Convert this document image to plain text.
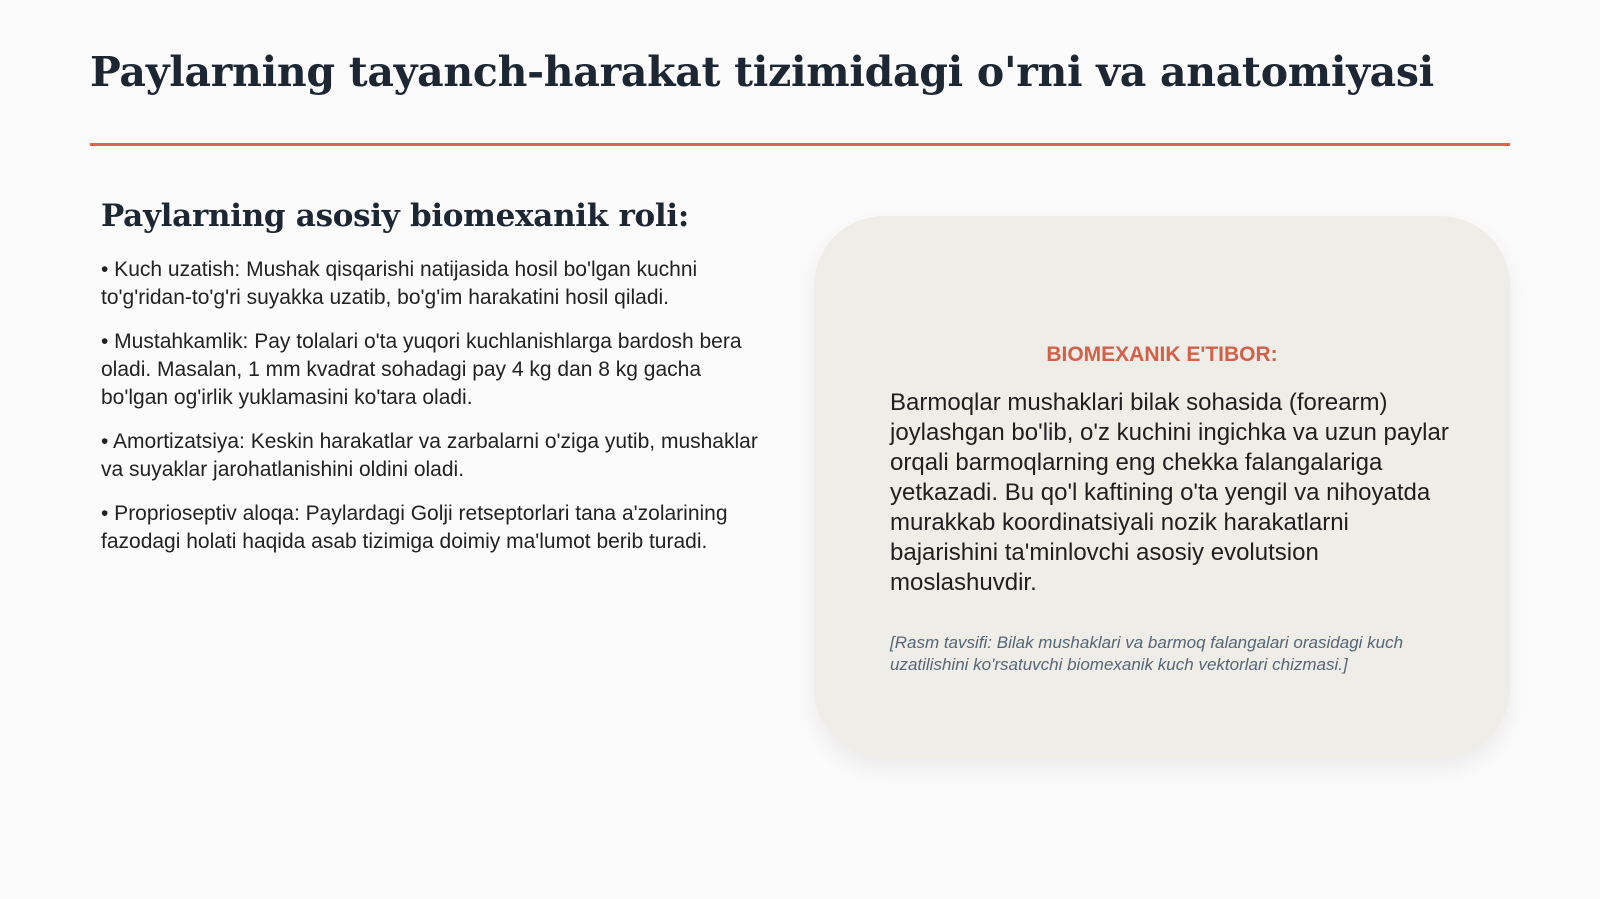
Paylarning tayanch-harakat tizimidagi o'rni va anatomiyasi
Paylarning asosiy biomexanik roli:

• Kuch uzatish: Mushak qisqarishi natijasida hosil bo'lgan kuchni to'g'ridan-to'g'ri suyakka uzatib, bo'g'im harakatini hosil qiladi.

• Mustahkamlik: Pay tolalari o'ta yuqori kuchlanishlarga bardosh bera oladi. Masalan, 1 mm kvadrat sohadagi pay 4 kg dan 8 kg gacha bo'lgan og'irlik yuklamasini ko'tara oladi.

• Amortizatsiya: Keskin harakatlar va zarbalarni o'ziga yutib, mushaklar va suyaklar jarohatlanishini oldini oladi.

• Proprioseptiv aloqa: Paylardagi Golji retseptorlari tana a'zolarining fazodagi holati haqida asab tizimiga doimiy ma'lumot berib turadi.

BIOMEXANIK E'TIBOR:

Barmoqlar mushaklari bilak sohasida (forearm) joylashgan bo'lib, o'z kuchini ingichka va uzun paylar orqali barmoqlarning eng chekka falangalariga yetkazadi. Bu qo'l kaftining o'ta yengil va nihoyatda murakkab koordinatsiyali nozik harakatlarni bajarishini ta'minlovchi asosiy evolutsion moslashuvdir.

[Rasm tavsifi: Bilak mushaklari va barmoq falangalari orasidagi kuch uzatilishini ko'rsatuvchi biomexanik kuch vektorlari chizmasi.]
